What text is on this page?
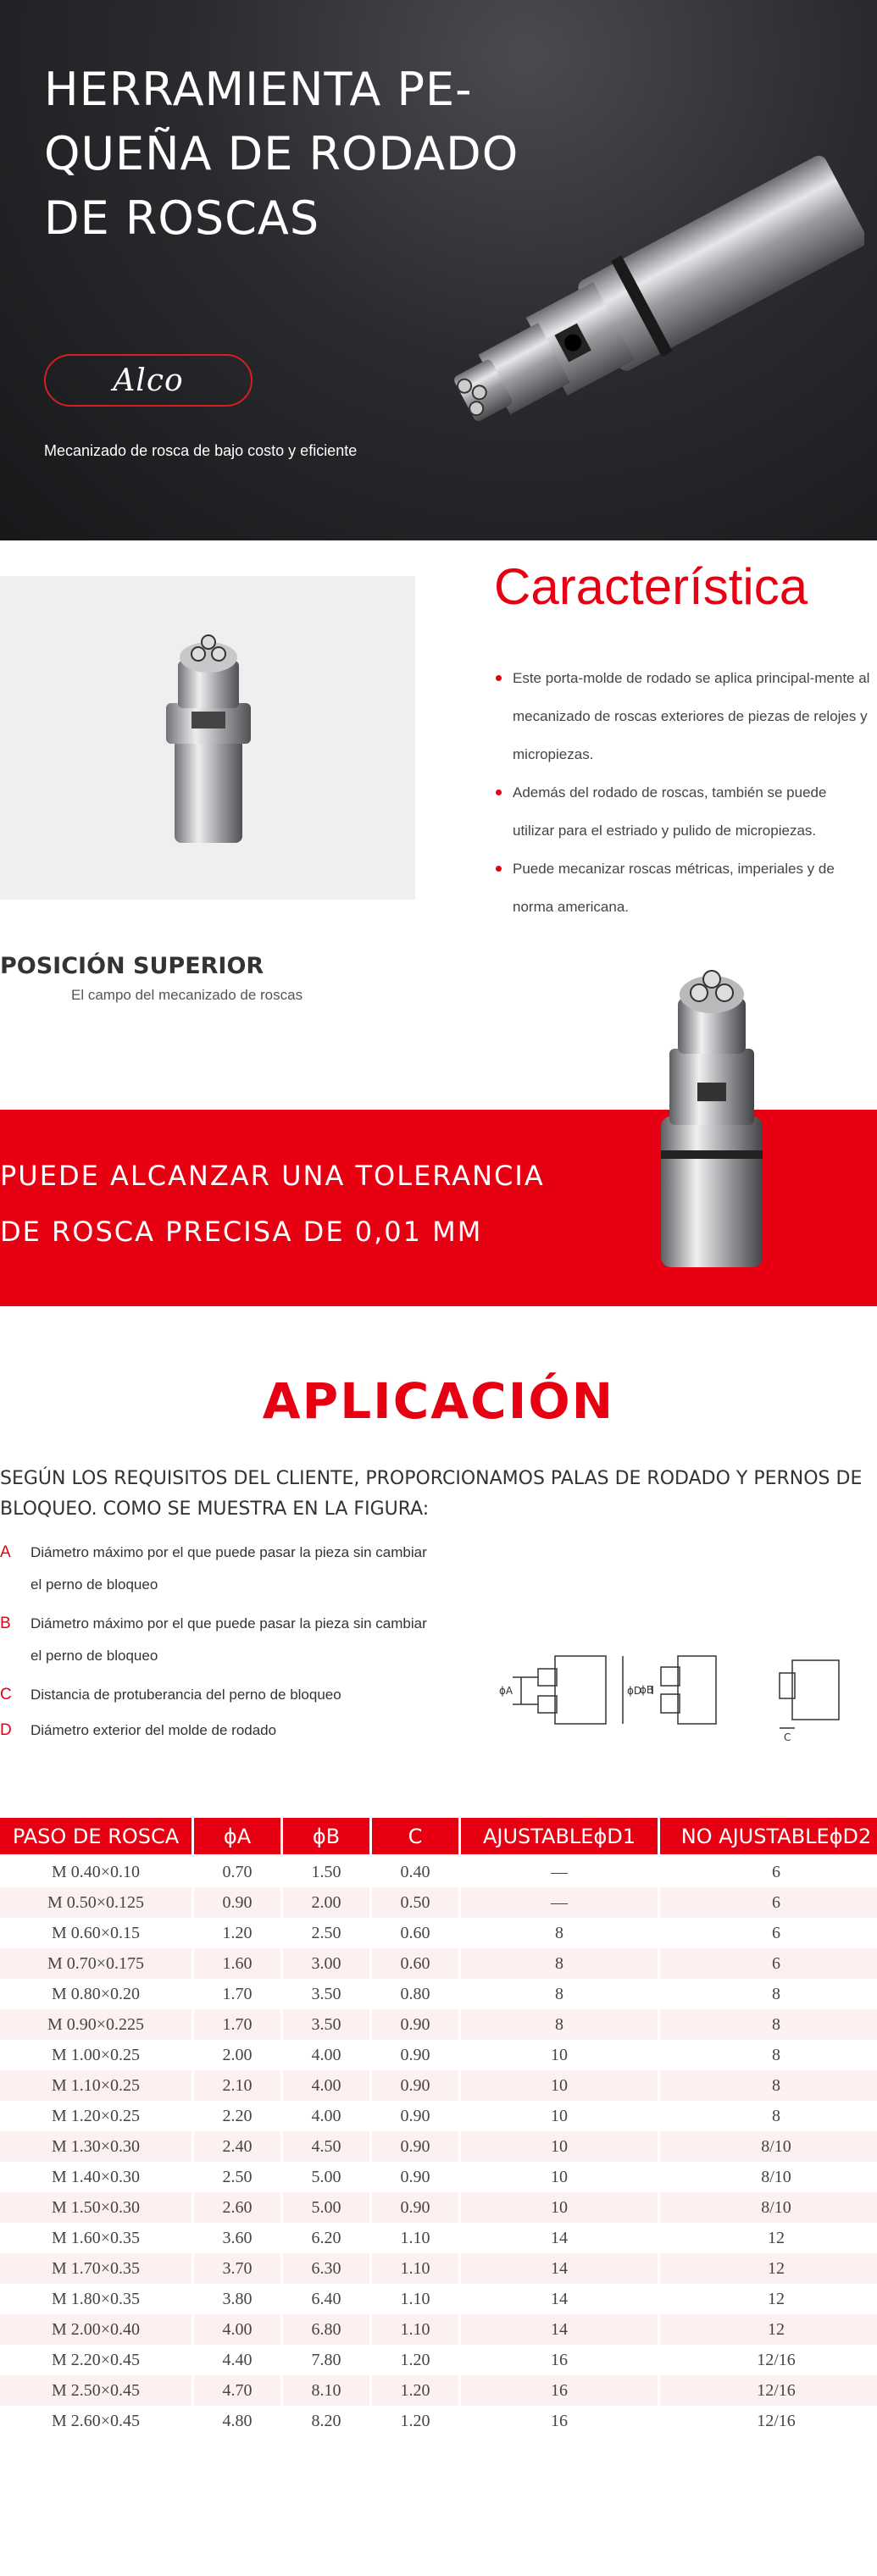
HERRAMIENTA PE-QUEÑA DE RODADO DE ROSCAS
Alco

Mecanizado de rosca de bajo costo y eficiente

Característica
Este porta-molde de rodado se aplica principal-mente al mecanizado de roscas exteriores de piezas de relojes y micropiezas.
Además del rodado de roscas, también se puede utilizar para el estriado y pulido de micropiezas.
Puede mecanizar roscas métricas, imperiales y de norma americana.
POSICIÓN SUPERIOR

El campo del mecanizado de roscas

PUEDE ALCANZAR UNA TOLERANCIA
DE ROSCA PRECISA DE 0,01 MM
APLICACIÓN

SEGÚN LOS REQUISITOS DEL CLIENTE, PROPORCIONAMOS PALAS DE RODADO Y PERNOS DE BLOQUEO. COMO SE MUESTRA EN LA FIGURA:

A	Diámetro máximo por el que puede pasar la pieza sin cambiar el perno de bloqueo
B	Diámetro máximo por el que puede pasar la pieza sin cambiar el perno de bloqueo
C	Distancia de protuberancia del perno de bloqueo
D	Diámetro exterior del molde de rodado
ϕA	ϕD
ϕB
C
PASO DE ROSCA	ϕA	ϕB	C	AJUSTABLEϕD1	NO AJUSTABLEϕD2
M 0.40×0.10	0.70	1.50	0.40	—	6
M 0.50×0.125	0.90	2.00	0.50	—	6
M 0.60×0.15	1.20	2.50	0.60	8	6
M 0.70×0.175	1.60	3.00	0.60	8	6
M 0.80×0.20	1.70	3.50	0.80	8	8
M 0.90×0.225	1.70	3.50	0.90	8	8
M 1.00×0.25	2.00	4.00	0.90	10	8
M 1.10×0.25	2.10	4.00	0.90	10	8
M 1.20×0.25	2.20	4.00	0.90	10	8
M 1.30×0.30	2.40	4.50	0.90	10	8/10
M 1.40×0.30	2.50	5.00	0.90	10	8/10
M 1.50×0.30	2.60	5.00	0.90	10	8/10
M 1.60×0.35	3.60	6.20	1.10	14	12
M 1.70×0.35	3.70	6.30	1.10	14	12
M 1.80×0.35	3.80	6.40	1.10	14	12
M 2.00×0.40	4.00	6.80	1.10	14	12
M 2.20×0.45	4.40	7.80	1.20	16	12/16
M 2.50×0.45	4.70	8.10	1.20	16	12/16
M 2.60×0.45	4.80	8.20	1.20	16	12/16
